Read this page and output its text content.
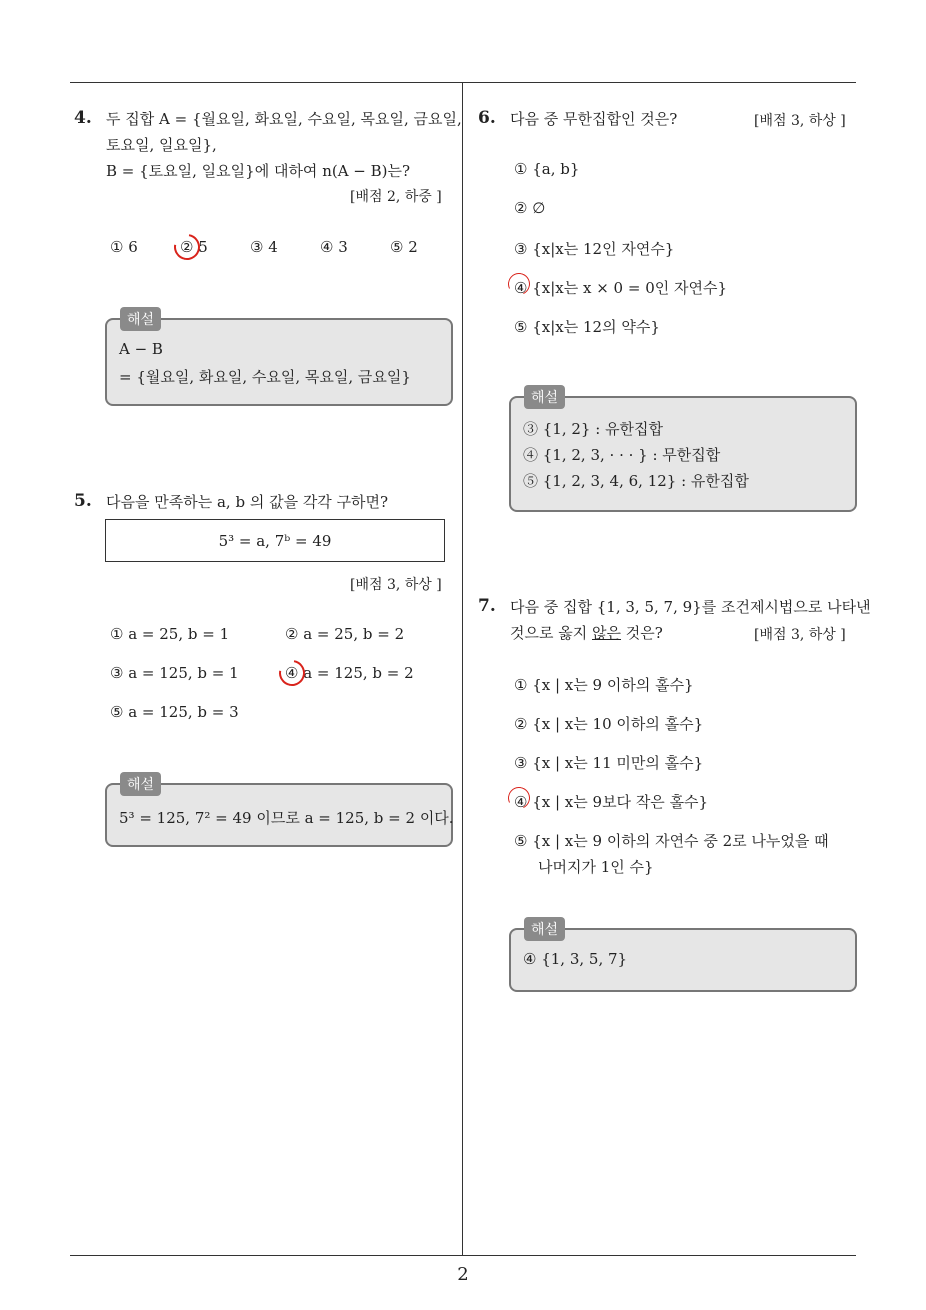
4. 두 집합 A = {월요일, 화요일, 수요일, 목요일, 금요일,
토요일, 일요일},
B = {토요일, 일요일}에 대하여 n(A − B)는?
[배점 2, 하중 ]
① 6	② 5	③ 4	④ 3	⑤ 2
A − B
= {월요일, 화요일, 수요일, 목요일, 금요일}
해설
5. 다음을 만족하는 a, b 의 값을 각각 구하면?
5³ = a, 7ᵇ = 49
[배점 3, 하상 ]
① a = 25, b = 1	② a = 25, b = 2
③ a = 125, b = 1	④ a = 125, b = 2
⑤ a = 125, b = 3
5³ = 125, 7² = 49 이므로 a = 125, b = 2 이다.
해설
6. 다음 중 무한집합인 것은?	[배점 3, 하상 ]
① {a, b}
② ∅
③ {x|x는 12인 자연수}
④ {x|x는 x × 0 = 0인 자연수}
⑤ {x|x는 12의 약수}
③ {1, 2} : 유한집합
④ {1, 2, 3, · · · } : 무한집합
⑤ {1, 2, 3, 4, 6, 12} : 유한집합
해설
7. 다음 중 집합 {1, 3, 5, 7, 9}를 조건제시법으로 나타낸
것으로 옳지 않은 것은?	[배점 3, 하상 ]
① {x | x는 9 이하의 홀수}
② {x | x는 10 이하의 홀수}
③ {x | x는 11 미만의 홀수}
④ {x | x는 9보다 작은 홀수}
⑤ {x | x는 9 이하의 자연수 중 2로 나누었을 때
나머지가 1인 수}
④ {1, 3, 5, 7}
해설
2
